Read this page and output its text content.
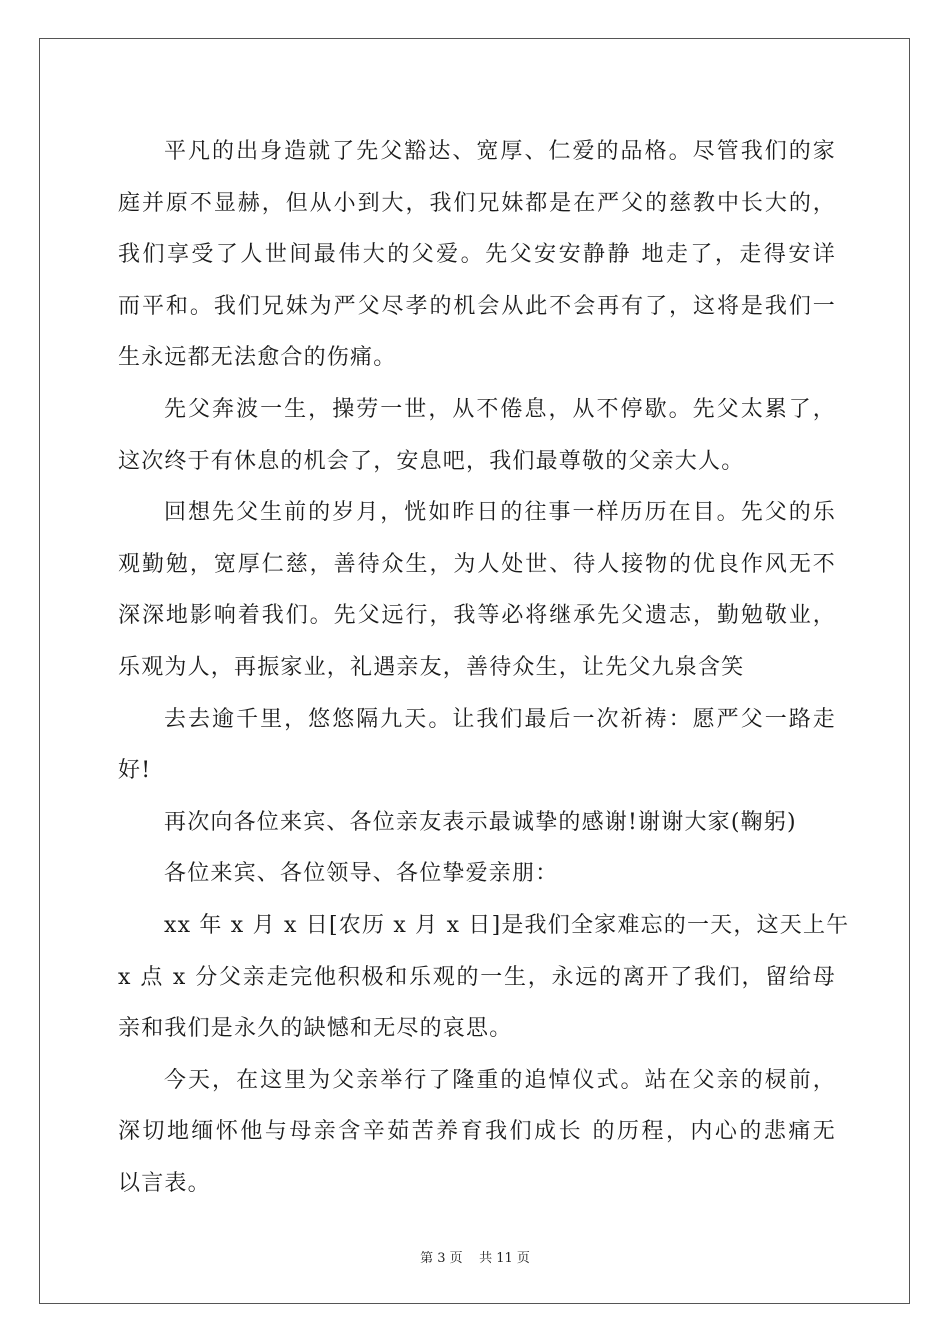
平凡的出身造就了先父豁达、宽厚、仁爱的品格。尽管我们的家
庭并原不显赫，但从小到大，我们兄妹都是在严父的慈教中长大的，
我们享受了人世间最伟大的父爱。先父安安静静 地走了，走得安详
而平和。我们兄妹为严父尽孝的机会从此不会再有了，这将是我们一
生永远都无法愈合的伤痛。
先父奔波一生，操劳一世，从不倦息，从不停歇。先父太累了，
这次终于有休息的机会了，安息吧，我们最尊敬的父亲大人。
回想先父生前的岁月，恍如昨日的往事一样历历在目。先父的乐
观勤勉，宽厚仁慈，善待众生，为人处世、待人接物的优良作风无不
深深地影响着我们。先父远行，我等必将继承先父遗志，勤勉敬业，
乐观为人，再振家业，礼遇亲友，善待众生，让先父九泉含笑
去去逾千里，悠悠隔九天。让我们最后一次祈祷：愿严父一路走
好!
再次向各位来宾、各位亲友表示最诚挚的感谢!谢谢大家(鞠躬)
各位来宾、各位领导、各位挚爱亲朋：
xx 年 x 月 x 日[农历 x 月 x 日]是我们全家难忘的一天，这天上午
x 点 x 分父亲走完他积极和乐观的一生，永远的离开了我们，留给母
亲和我们是永久的缺憾和无尽的哀思。
今天，在这里为父亲举行了隆重的追悼仪式。站在父亲的棂前，
深切地缅怀他与母亲含辛茹苦养育我们成长 的历程，内心的悲痛无
以言表。
第 3 页    共 11 页
